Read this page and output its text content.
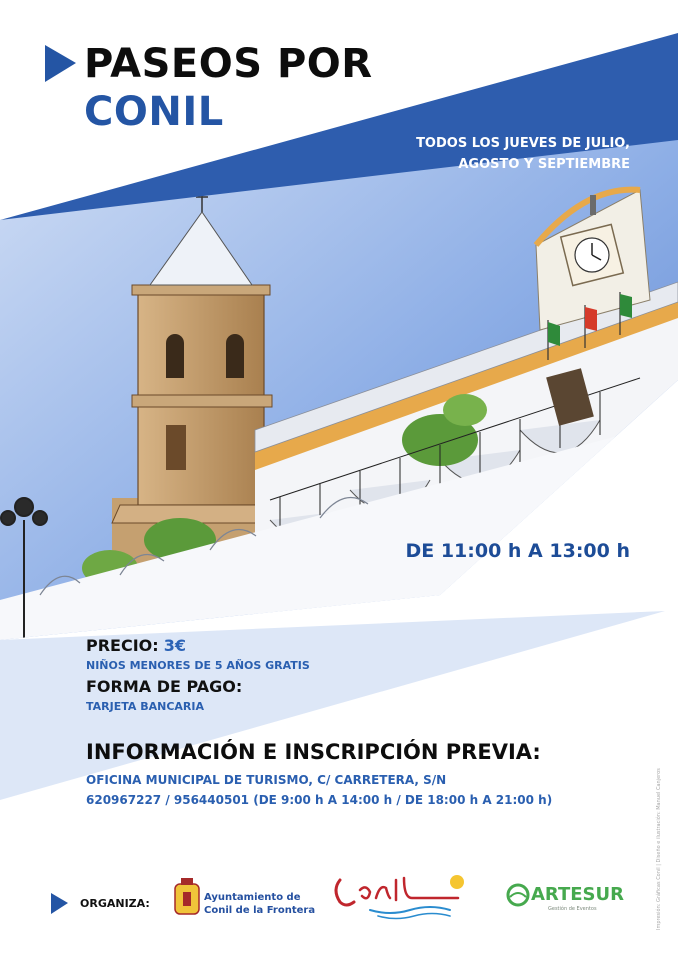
PASEOS POR
CONIL
TODOS LOS JUEVES DE JULIO,
AGOSTO Y SEPTIEMBRE
DE 11:00 h A 13:00 h
PRECIO: 3€
NIÑOS MENORES DE 5 AÑOS GRATIS
FORMA DE PAGO:
TARJETA BANCARIA
INFORMACIÓN E INSCRIPCIÓN PREVIA:
OFICINA MUNICIPAL DE TURISMO, C/ CARRETERA, S/N
620967227 / 956440501 (DE 9:00 h A 14:00 h / DE 18:00 h A 21:00 h)
ORGANIZA:	Ayuntamiento de
Conil de la Frontera
ARTESUR
Gestión de Eventos	Impresión: Gráficas Conil | Diseño e ilustración: Manuel Canjeros
